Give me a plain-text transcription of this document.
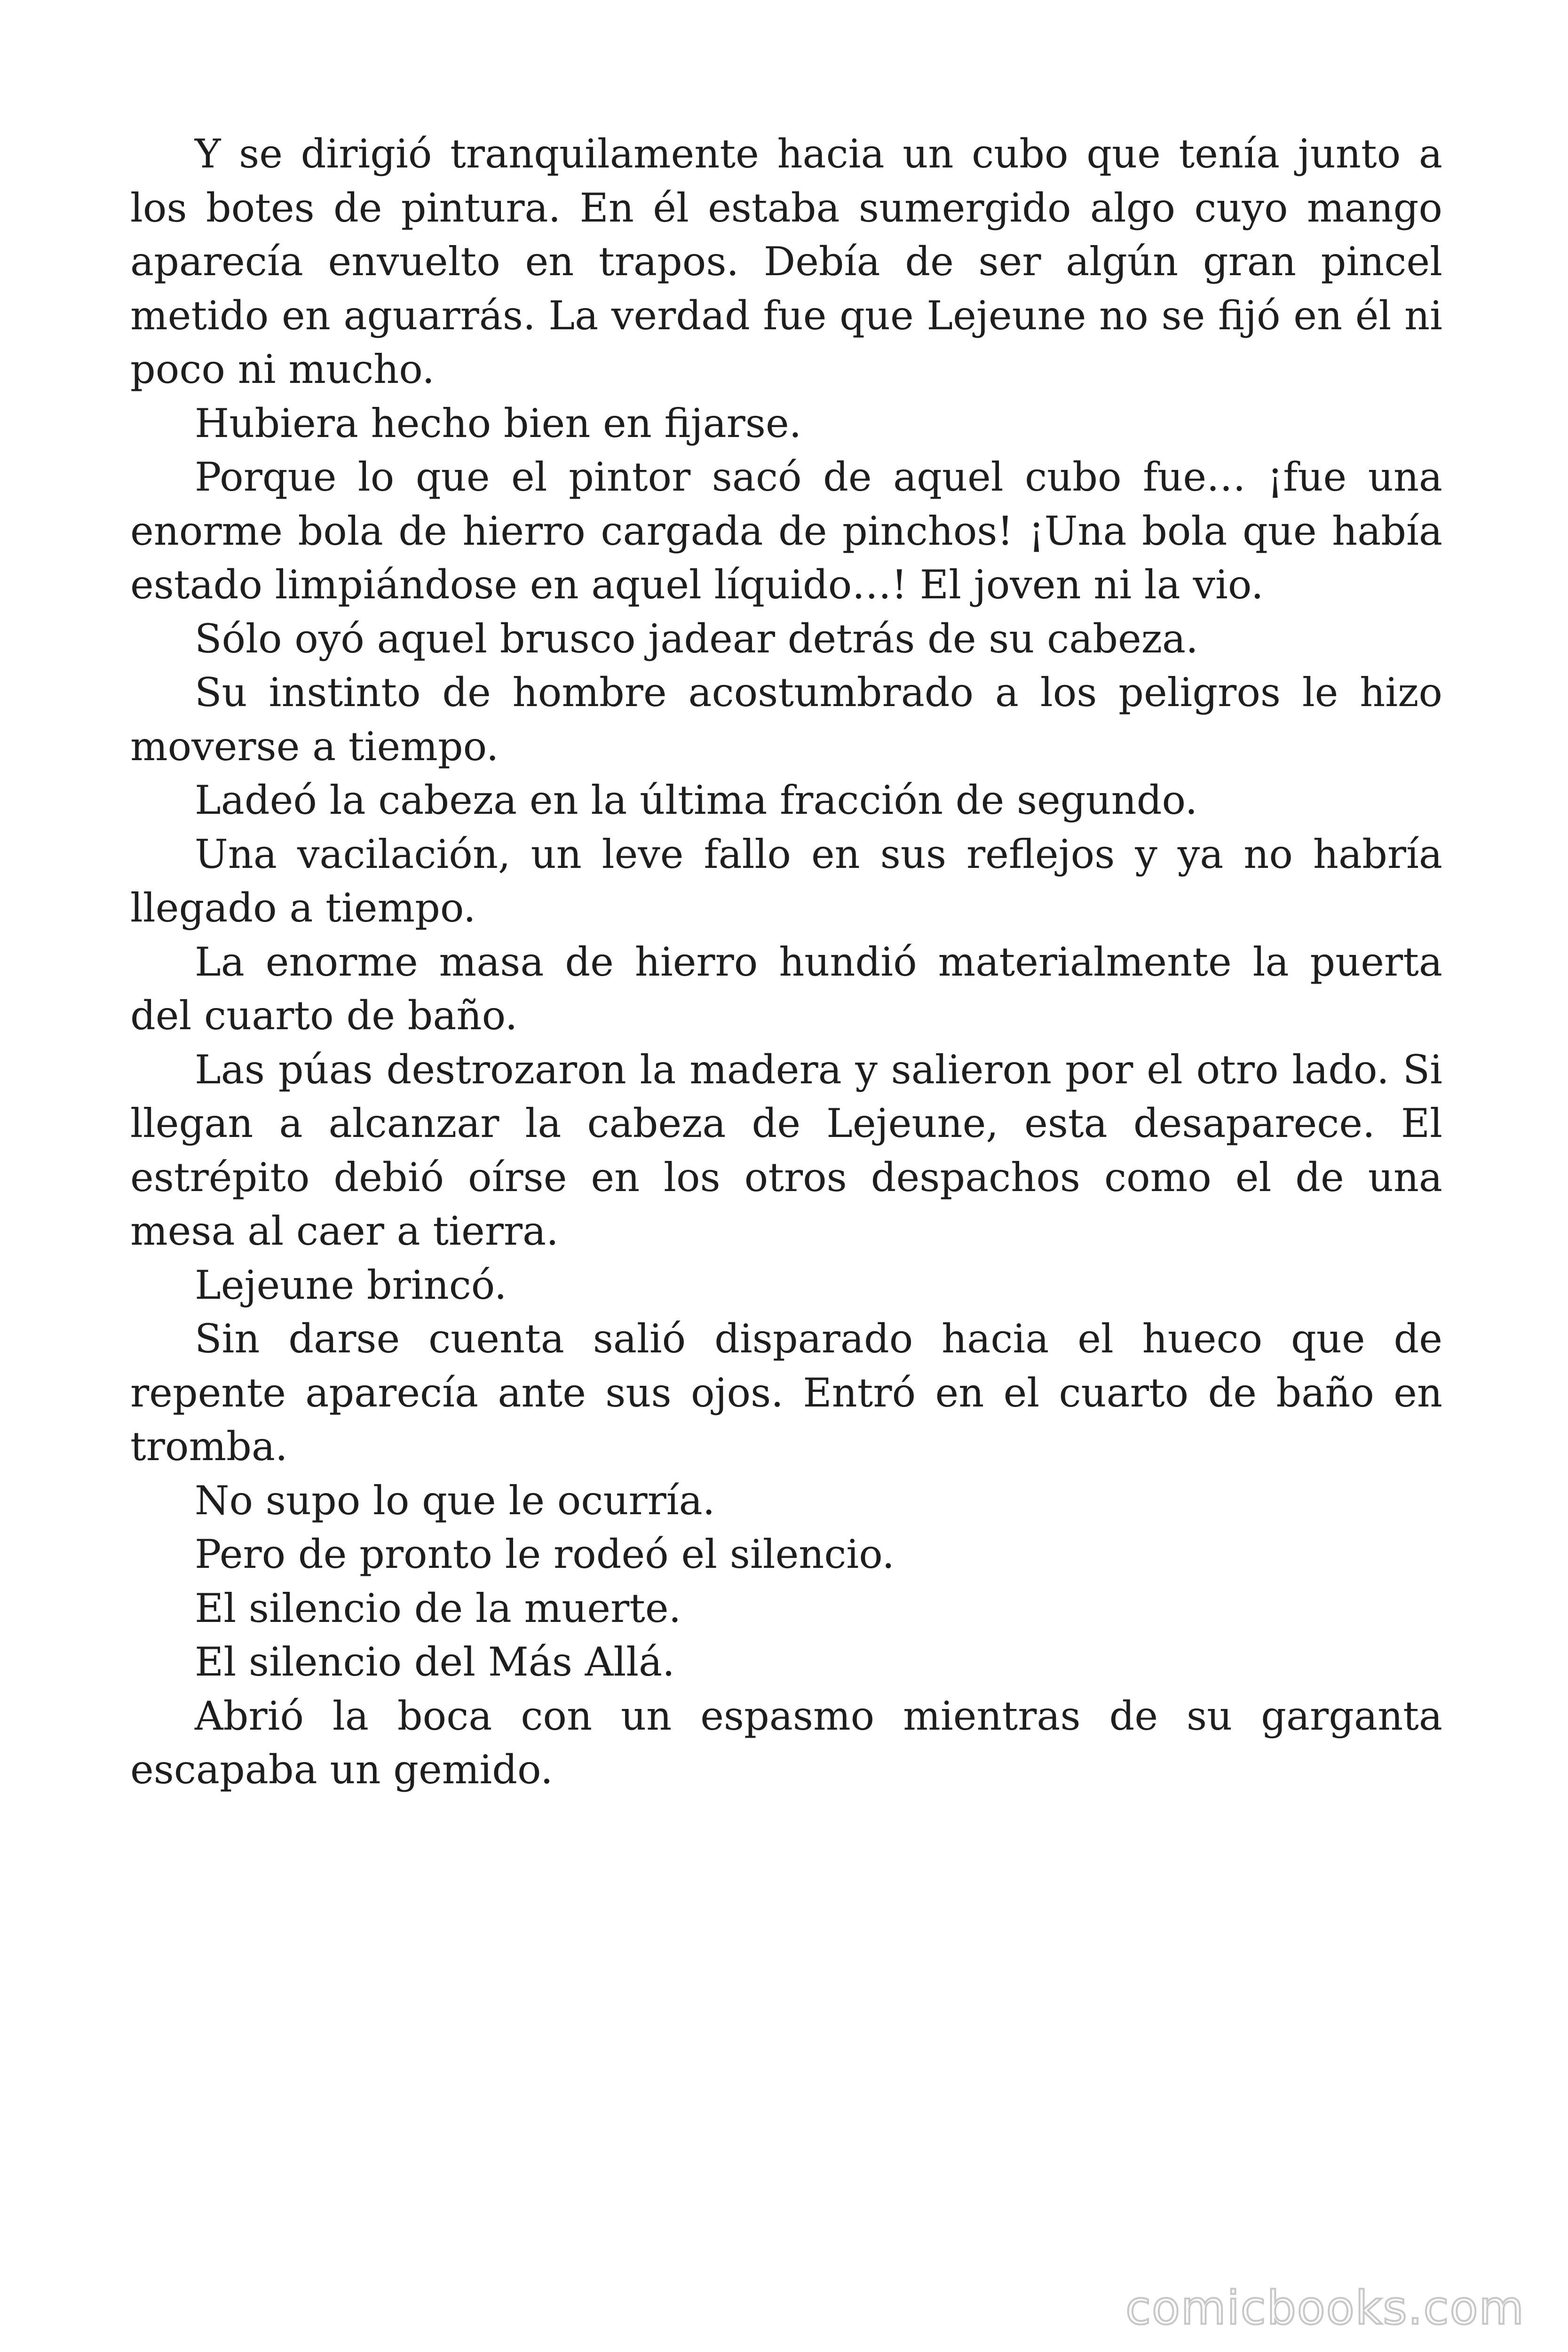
Y se dirigió tranquilamente hacia un cubo que tenía junto a los botes de pintura. En él estaba sumergido algo cuyo mango aparecía envuelto en trapos. Debía de ser algún gran pincel metido en aguarrás. La verdad fue que Lejeune no se fijó en él ni poco ni mucho.

Hubiera hecho bien en fijarse.

Porque lo que el pintor sacó de aquel cubo fue… ¡fue una enorme bola de hierro cargada de pinchos! ¡Una bola que había estado limpiándose en aquel líquido…! El joven ni la vio.

Sólo oyó aquel brusco jadear detrás de su cabeza.

Su instinto de hombre acostumbrado a los peligros le hizo moverse a tiempo.

Ladeó la cabeza en la última fracción de segundo.

Una vacilación, un leve fallo en sus reflejos y ya no habría llegado a tiempo.

La enorme masa de hierro hundió materialmente la puerta del cuarto de baño.

Las púas destrozaron la madera y salieron por el otro lado. Si llegan a alcanzar la cabeza de Lejeune, esta desaparece. El estrépito debió oírse en los otros despachos como el de una mesa al caer a tierra.

Lejeune brincó.

Sin darse cuenta salió disparado hacia el hueco que de repente aparecía ante sus ojos. Entró en el cuarto de baño en tromba.

No supo lo que le ocurría.

Pero de pronto le rodeó el silencio.

El silencio de la muerte.

El silencio del Más Allá.

Abrió la boca con un espasmo mientras de su garganta escapaba un gemido.

comicbooks.com
